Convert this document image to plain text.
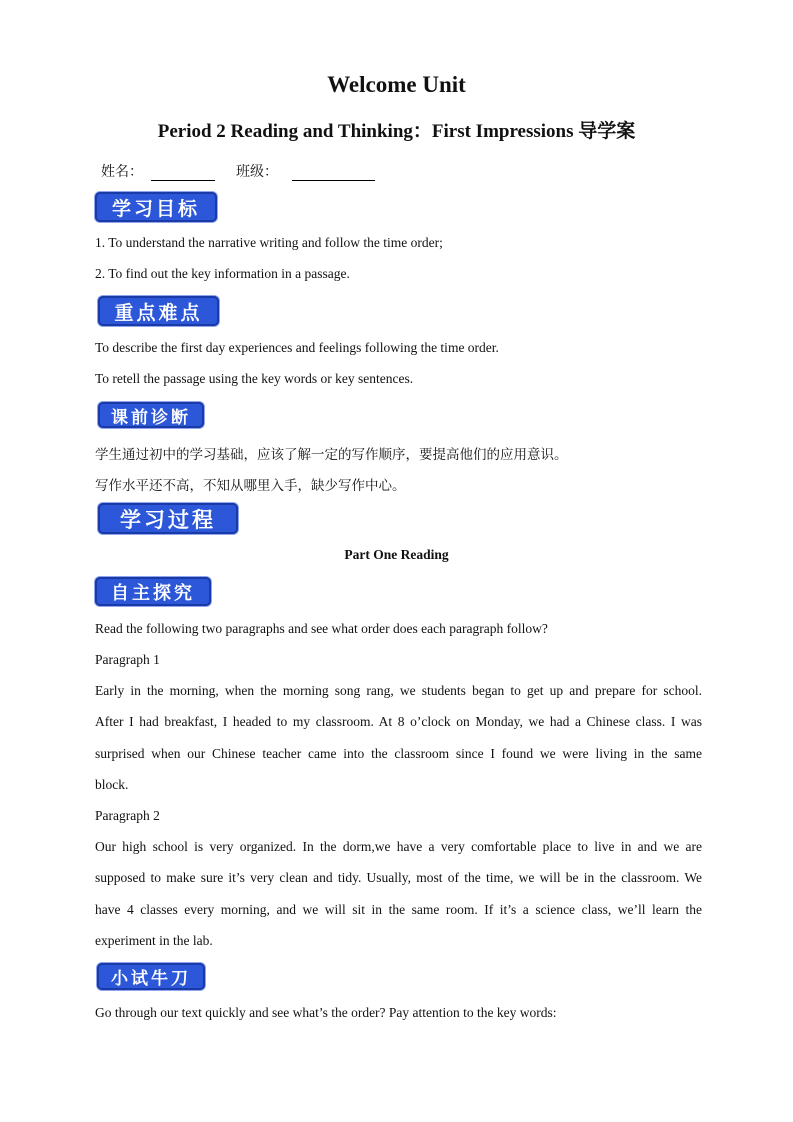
Welcome Unit
Period 2 Reading and Thinking：First Impressions 导学案
姓名：	班级：
学习目标
1. To understand the narrative writing and follow the time order;
2. To find out the key information in a passage.
重点难点
To describe the first day experiences and feelings following the time order.
To retell the passage using the key words or key sentences.
课前诊断
学生通过初中的学习基础，应该了解一定的写作顺序，要提高他们的应用意识。
写作水平还不高，不知从哪里入手，缺少写作中心。
学习过程
Part One Reading
自主探究
Read the following two paragraphs and see what order does each paragraph follow?
Paragraph 1
Early in the morning, when the morning song rang, we students began to get up and prepare for school.
After I had breakfast, I headed to my classroom. At 8 o’clock on Monday, we had a Chinese class. I was
surprised when our Chinese teacher came into the classroom since I found we were living in the same
block.
Paragraph 2
Our high school is very organized. In the dorm,we have a very comfortable place to live in and we are
supposed to make sure it’s very clean and tidy. Usually, most of the time, we will be in the classroom. We
have 4 classes every morning, and we will sit in the same room. If it’s a science class, we’ll learn the
experiment in the lab.
小试牛刀
Go through our text quickly and see what’s the order? Pay attention to the key words:
